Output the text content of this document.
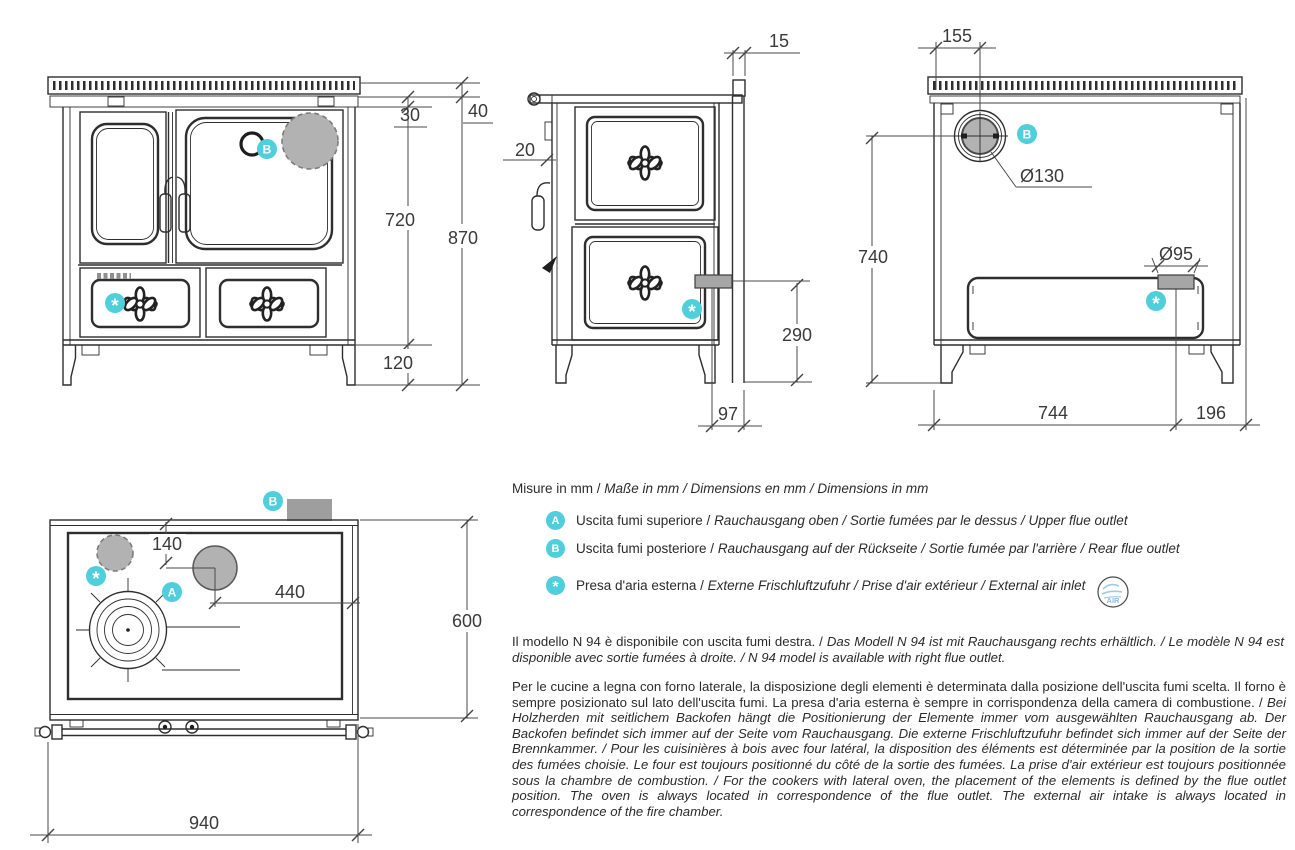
30	40
720
870
120
B
*
15
20
290
97
*
155
Ø130
740	Ø95
744	196
B
*
140
440
600
940
B
*
A
Misure in mm / Maße in mm / Dimensions en mm / Dimensions in mm
A Uscita fumi superiore / Rauchausgang oben / Sortie fumées par le dessus / Upper flue outlet
B Uscita fumi posteriore / Rauchausgang auf der Rückseite / Sortie fumée par l'arrière / Rear flue outlet
* Presa d'aria esterna / Externe Frischluftzufuhr / Prise d'air extérieur / External air inlet
AIR
Il modello N 94 è disponibile con uscita fumi destra. / Das Modell N 94 ist mit Rauchausgang rechts erhältlich. / Le modèle N 94 est disponible avec sortie fumées à droite. / N 94 model is available with right flue outlet.
Per le cucine a legna con forno laterale, la disposizione degli elementi è determinata dalla posizione dell'uscita fumi scelta. Il forno è sempre posizionato sul lato dell'uscita fumi. La presa d'aria esterna è sempre in corrispondenza della camera di combustione. / Bei Holzherden mit seitlichem Backofen hängt die Positionierung der Elemente immer vom ausgewählten Rauchausgang ab. Der Backofen befindet sich immer auf der Seite vom Rauchausgang. Die externe Frischluftzufuhr befindet sich immer auf der Seite der Brennkammer. / Pour les cuisinières à bois avec four latéral, la disposition des éléments est déterminée par la position de la sortie des fumées choisie. Le four est toujours positionné du côté de la sortie des fumées. La prise d'air extérieur est toujours positionnée sous la chambre de combustion. / For the cookers with lateral oven, the placement of the elements is defined by the flue outlet position. The oven is always located in correspondence of the flue outlet. The external air intake is always located in correspondence of the fire chamber.
